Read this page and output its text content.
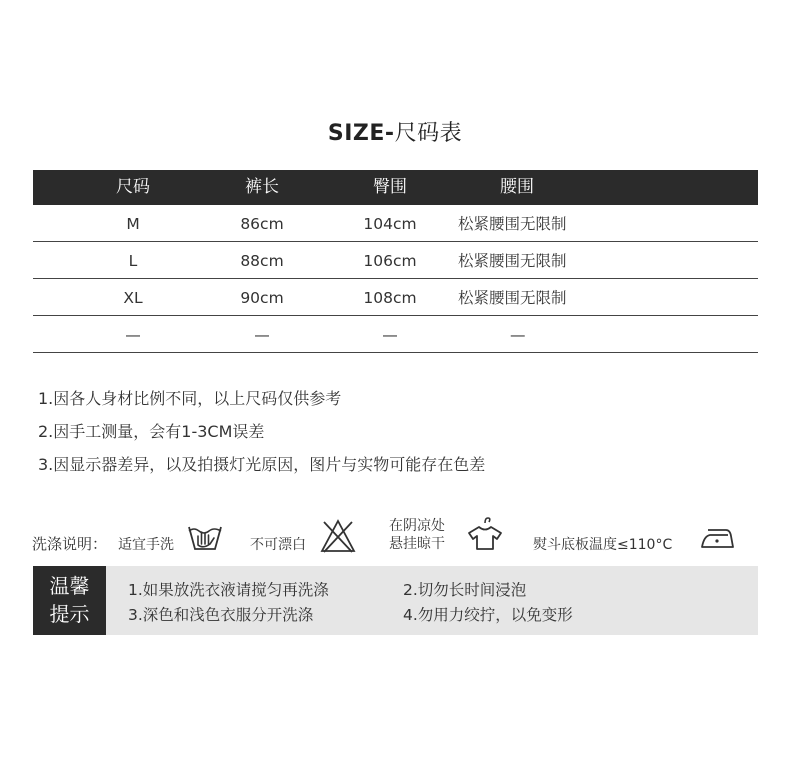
SIZE-尺码表
尺码	裤长	臀围	腰围
M	86cm	104cm	松紧腰围无限制
L	88cm	106cm	松紧腰围无限制
XL	90cm	108cm	松紧腰围无限制
—	—	—	—
1.因各人身材比例不同，以上尺码仅供参考
2.因手工测量，会有1-3CM误差
3.因显示器差异，以及拍摄灯光原因，图片与实物可能存在色差
洗涤说明： 适宜手洗	不可漂白
在阴凉处
悬挂晾干	熨斗底板温度≤110°C
温馨
提示
1.如果放洗衣液请搅匀再洗涤	2.切勿长时间浸泡
3.深色和浅色衣服分开洗涤	4.勿用力绞拧，以免变形
